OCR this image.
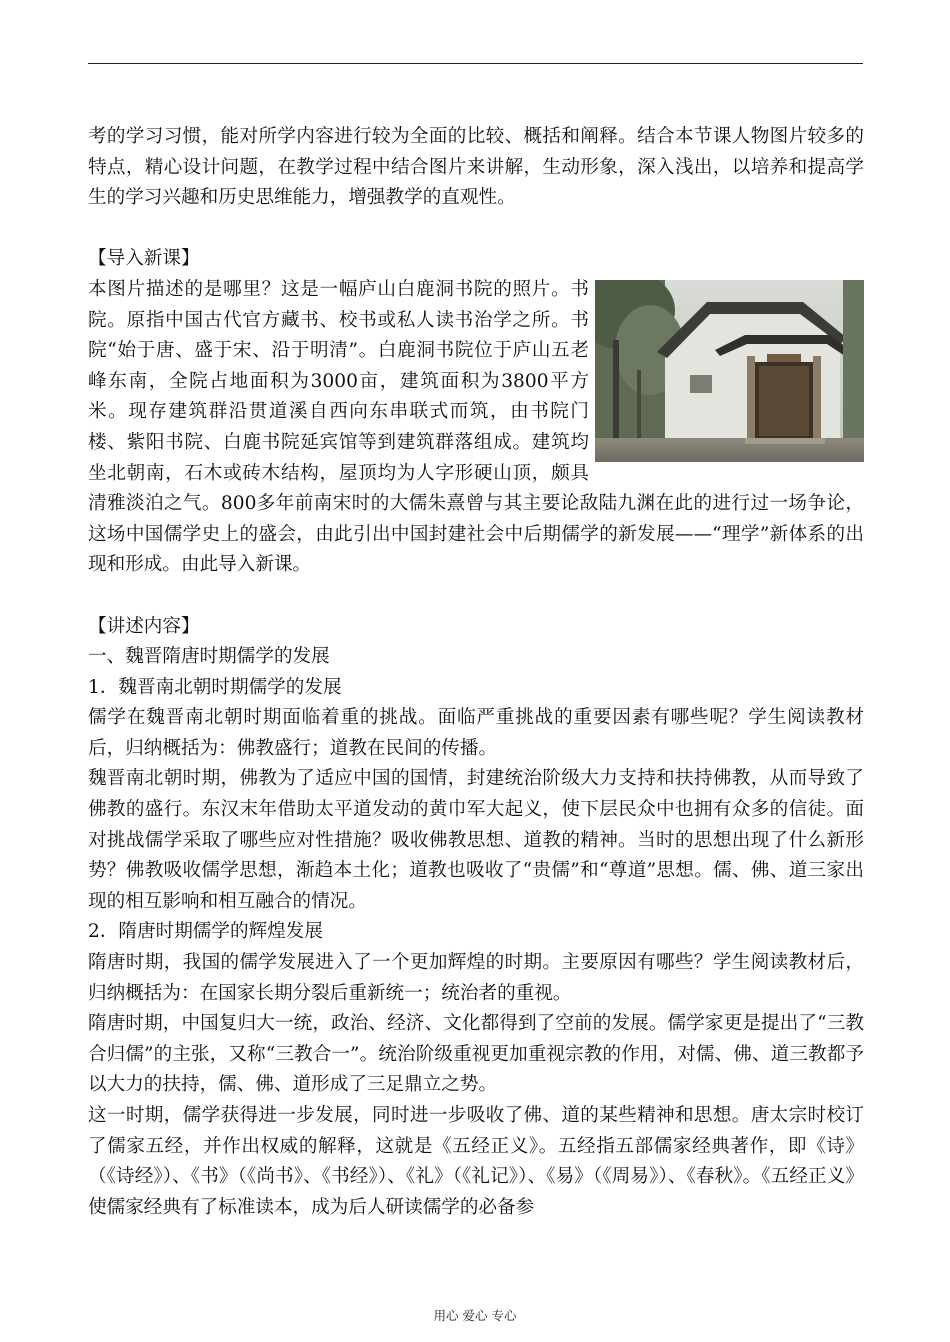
考的学习习惯，能对所学内容进行较为全面的比较、概括和阐释。结合本节课人物图片较多的特点，精心设计问题，在教学过程中结合图片来讲解，生动形象，深入浅出，以培养和提高学生的学习兴趣和历史思维能力，增强教学的直观性。

【导入新课】

本图片描述的是哪里？这是一幅庐山白鹿洞书院的照片。书院。原指中国古代官方藏书、校书或私人读书治学之所。书院“始于唐、盛于宋、沿于明清”。白鹿洞书院位于庐山五老峰东南，全院占地面积为3000亩，建筑面积为3800平方米。现存建筑群沿贯道溪自西向东串联式而筑，由书院门楼、紫阳书院、白鹿书院延宾馆等到建筑群落组成。建筑均坐北朝南，石木或砖木结构，屋顶均为人字形硬山顶，颇具清雅淡泊之气。800多年前南宋时的大儒朱熹曾与其主要论敌陆九渊在此的进行过一场争论，这场中国儒学史上的盛会，由此引出中国封建社会中后期儒学的新发展——“理学”新体系的出现和形成。由此导入新课。

【讲述内容】

一、魏晋隋唐时期儒学的发展

1．魏晋南北朝时期儒学的发展

儒学在魏晋南北朝时期面临着重的挑战。面临严重挑战的重要因素有哪些呢？学生阅读教材后，归纳概括为：佛教盛行；道教在民间的传播。

魏晋南北朝时期，佛教为了适应中国的国情，封建统治阶级大力支持和扶持佛教，从而导致了佛教的盛行。东汉末年借助太平道发动的黄巾军大起义，使下层民众中也拥有众多的信徒。面对挑战儒学采取了哪些应对性措施？吸收佛教思想、道教的精神。当时的思想出现了什么新形势？佛教吸收儒学思想，渐趋本土化；道教也吸收了“贵儒”和“尊道”思想。儒、佛、道三家出现的相互影响和相互融合的情况。

2．隋唐时期儒学的辉煌发展

隋唐时期，我国的儒学发展进入了一个更加辉煌的时期。主要原因有哪些？学生阅读教材后，归纳概括为：在国家长期分裂后重新统一；统治者的重视。

隋唐时期，中国复归大一统，政治、经济、文化都得到了空前的发展。儒学家更是提出了“三教合归儒”的主张，又称“三教合一”。统治阶级重视更加重视宗教的作用，对儒、佛、道三教都予以大力的扶持，儒、佛、道形成了三足鼎立之势。

这一时期，儒学获得进一步发展，同时进一步吸收了佛、道的某些精神和思想。唐太宗时校订了儒家五经，并作出权威的解释，这就是《五经正义》。五经指五部儒家经典著作，即《诗》（《诗经》）、《书》（《尚书》、《书经》）、《礼》（《礼记》）、《易》（《周易》）、《春秋》。《五经正义》使儒家经典有了标准读本，成为后人研读儒学的必备参

用心 爱心 专心
